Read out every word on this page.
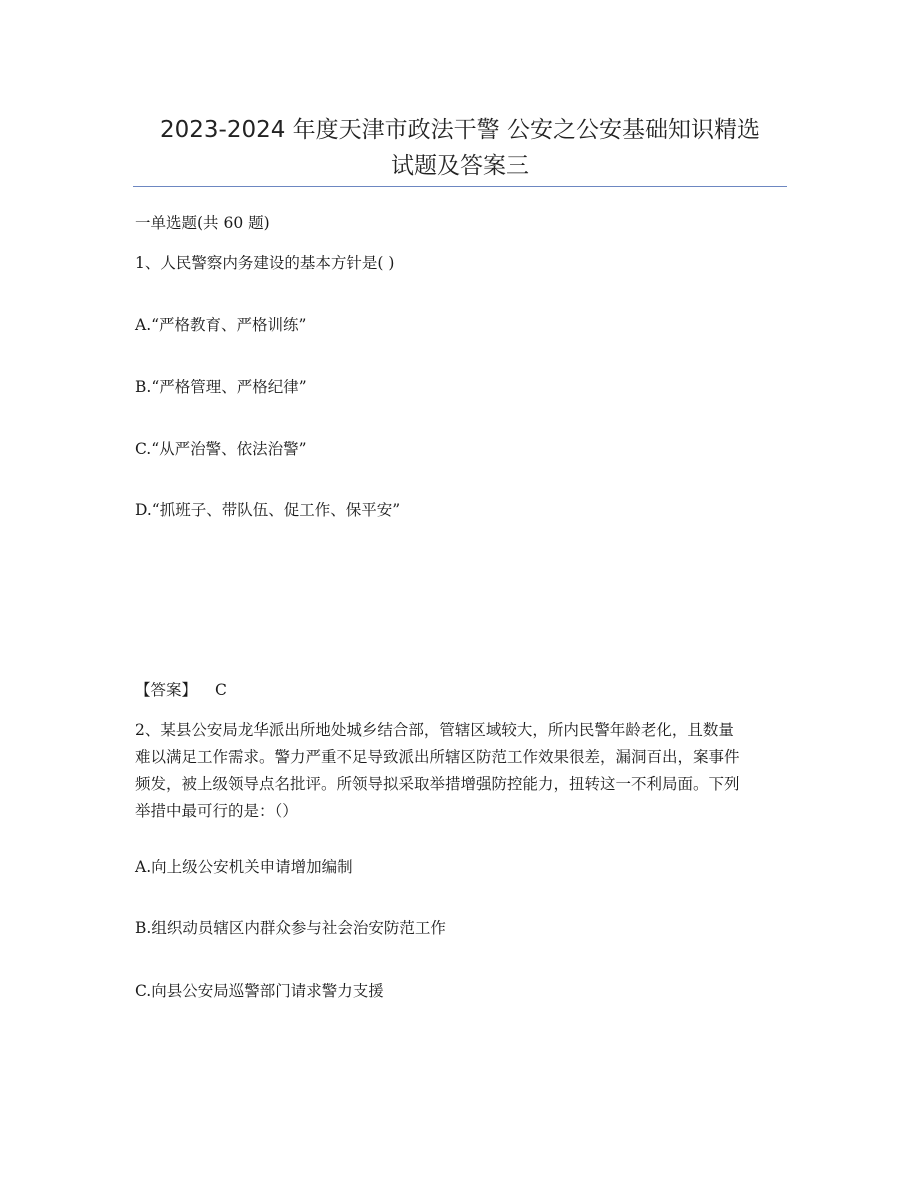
2023-2024 年度天津市政法干警 公安之公安基础知识精选
试题及答案三
一单选题(共 60 题)
1、人民警察内务建设的基本方针是( )
A.“严格教育、严格训练”
B.“严格管理、严格纪律”
C.“从严治警、依法治警”
D.“抓班子、带队伍、促工作、保平安”
【答案】 C
2、某县公安局龙华派出所地处城乡结合部，管辖区域较大，所内民警年龄老化，且数量
难以满足工作需求。警力严重不足导致派出所辖区防范工作效果很差，漏洞百出，案事件
频发，被上级领导点名批评。所领导拟采取举措增强防控能力，扭转这一不利局面。下列
举措中最可行的是：（）
A.向上级公安机关申请增加编制
B.组织动员辖区内群众参与社会治安防范工作
C.向县公安局巡警部门请求警力支援
